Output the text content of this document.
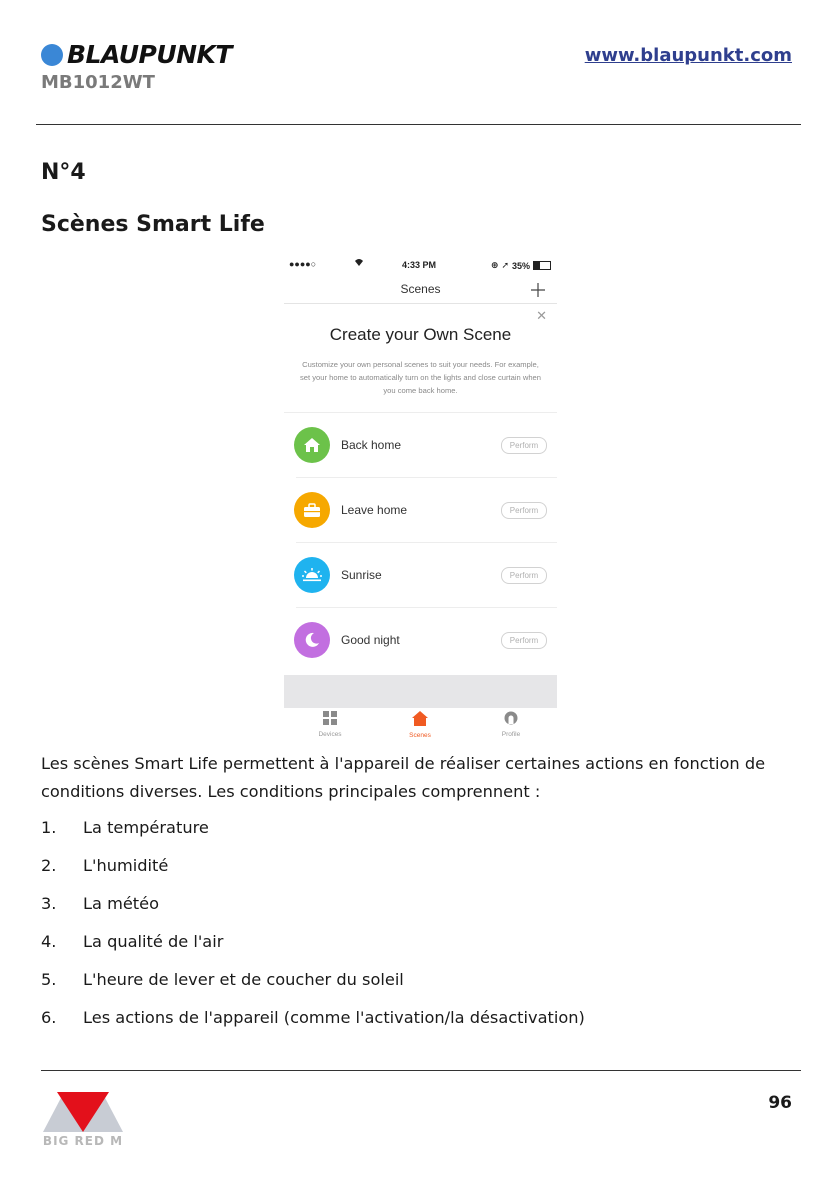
BLAUPUNKT
MB1012WT
www.blaupunkt.com
N°4
Scènes Smart Life
●●●●○	4:33 PM	⊕ ➚ 35%
Scenes
✕
Create your Own Scene
Customize your own personal scenes to suit your needs. For example, set your home to automatically turn on the lights and close curtain when you come back home.
Back home	Perform
Leave home	Perform
Sunrise	Perform
Good night	Perform
Devices	Scenes	Profile
Les scènes Smart Life permettent à l'appareil de réaliser certaines actions en fonction de conditions diverses. Les conditions principales comprennent :
1. La température
2. L'humidité
3. La météo
4. La qualité de l'air
5. L'heure de lever et de coucher du soleil
6. Les actions de l'appareil (comme l'activation/la désactivation)
BIG RED M
96
